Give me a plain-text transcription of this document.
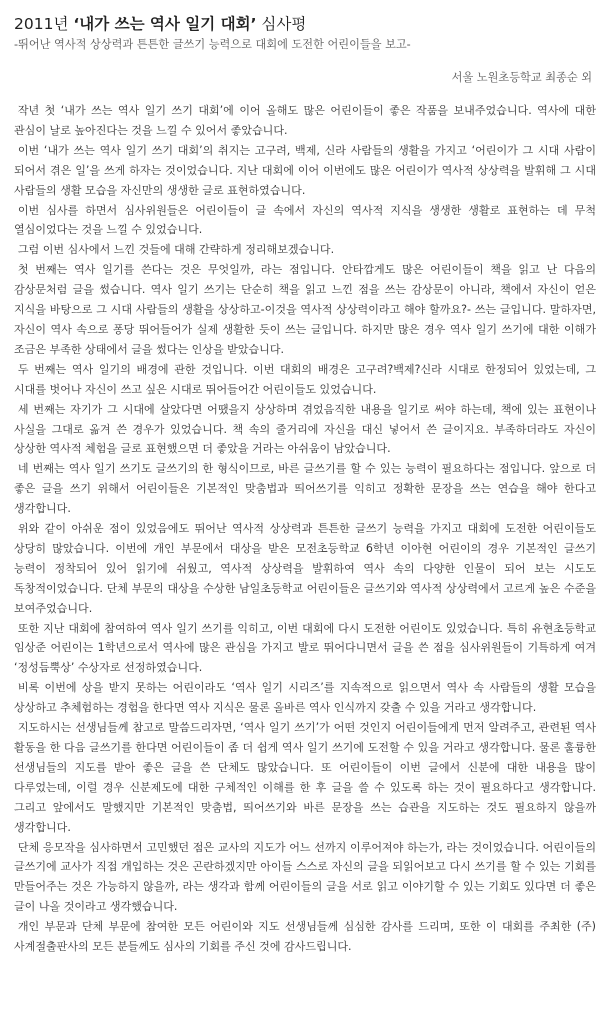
2011년 ‘내가 쓰는 역사 일기 대회’ 심사평
-뛰어난 역사적 상상력과 튼튼한 글쓰기 능력으로 대회에 도전한 어린이들을 보고-
서울 노원초등학교 최종순 외

작년 첫 ‘내가 쓰는 역사 일기 쓰기 대회’에 이어 올해도 많은 어린이들이 좋은 작품을 보내주었습니다. 역사에 대한 관심이 날로 높아진다는 것을 느낄 수 있어서 좋았습니다.

이번 ‘내가 쓰는 역사 일기 쓰기 대회’의 취지는 고구려, 백제, 신라 사람들의 생활을 가지고 ‘어린이가 그 시대 사람이 되어서 겪은 일’을 쓰게 하자는 것이었습니다. 지난 대회에 이어 이번에도 많은 어린이가 역사적 상상력을 발휘해 그 시대 사람들의 생활 모습을 자신만의 생생한 글로 표현하였습니다.

이번 심사를 하면서 심사위원들은 어린이들이 글 속에서 자신의 역사적 지식을 생생한 생활로 표현하는 데 무척 열심이었다는 것을 느낄 수 있었습니다.

그럼 이번 심사에서 느낀 것들에 대해 간략하게 정리해보겠습니다.

첫 번째는 역사 일기를 쓴다는 것은 무엇일까, 라는 점입니다. 안타깝게도 많은 어린이들이 책을 읽고 난 다음의 감상문처럼 글을 썼습니다. 역사 일기 쓰기는 단순히 책을 읽고 느낀 점을 쓰는 감상문이 아니라, 책에서 자신이 얻은 지식을 바탕으로 그 시대 사람들의 생활을 상상하고-이것을 역사적 상상력이라고 해야 할까요?- 쓰는 글입니다. 말하자면, 자신이 역사 속으로 퐁당 뛰어들어가 실제 생활한 듯이 쓰는 글입니다. 하지만 많은 경우 역사 일기 쓰기에 대한 이해가 조금은 부족한 상태에서 글을 썼다는 인상을 받았습니다.

두 번째는 역사 일기의 배경에 관한 것입니다. 이번 대회의 배경은 고구려?백제?신라 시대로 한정되어 있었는데, 그 시대를 벗어나 자신이 쓰고 싶은 시대로 뛰어들어간 어린이들도 있었습니다.

세 번째는 자기가 그 시대에 살았다면 어땠을지 상상하며 겪었음직한 내용을 일기로 써야 하는데, 책에 있는 표현이나 사실을 그대로 옮겨 쓴 경우가 있었습니다. 책 속의 줄거리에 자신을 대신 넣어서 쓴 글이지요. 부족하더라도 자신이 상상한 역사적 체험을 글로 표현했으면 더 좋았을 거라는 아쉬움이 남았습니다.

네 번째는 역사 일기 쓰기도 글쓰기의 한 형식이므로, 바른 글쓰기를 할 수 있는 능력이 필요하다는 점입니다. 앞으로 더 좋은 글을 쓰기 위해서 어린이들은 기본적인 맞춤법과 띄어쓰기를 익히고 정확한 문장을 쓰는 연습을 해야 한다고 생각합니다.

위와 같이 아쉬운 점이 있었음에도 뛰어난 역사적 상상력과 튼튼한 글쓰기 능력을 가지고 대회에 도전한 어린이들도 상당히 많았습니다. 이번에 개인 부문에서 대상을 받은 모전초등학교 6학년 이아현 어린이의 경우 기본적인 글쓰기 능력이 정착되어 있어 읽기에 쉬웠고, 역사적 상상력을 발휘하여 역사 속의 다양한 인물이 되어 보는 시도도 독창적이었습니다. 단체 부문의 대상을 수상한 남일초등학교 어린이들은 글쓰기와 역사적 상상력에서 고르게 높은 수준을 보여주었습니다.

또한 지난 대회에 참여하여 역사 일기 쓰기를 익히고, 이번 대회에 다시 도전한 어린이도 있었습니다. 특히 유현초등학교 임상준 어린이는 1학년으로서 역사에 많은 관심을 가지고 발로 뛰어다니면서 글을 쓴 점을 심사위원들이 기특하게 여겨 ‘정성듬뿍상’ 수상자로 선정하였습니다.

비록 이번에 상을 받지 못하는 어린이라도 ‘역사 일기 시리즈’를 지속적으로 읽으면서 역사 속 사람들의 생활 모습을 상상하고 추체험하는 경험을 한다면 역사 지식은 물론 올바른 역사 인식까지 갖출 수 있을 거라고 생각합니다.

지도하시는 선생님들께 참고로 말씀드리자면, ‘역사 일기 쓰기’가 어떤 것인지 어린이들에게 먼저 알려주고, 관련된 역사 활동을 한 다음 글쓰기를 한다면 어린이들이 좀 더 쉽게 역사 일기 쓰기에 도전할 수 있을 거라고 생각합니다. 물론 훌륭한 선생님들의 지도를 받아 좋은 글을 쓴 단체도 많았습니다. 또 어린이들이 이번 글에서 신분에 대한 내용을 많이 다루었는데, 이럴 경우 신분제도에 대한 구체적인 이해를 한 후 글을 쓸 수 있도록 하는 것이 필요하다고 생각합니다. 그리고 앞에서도 말했지만 기본적인 맞춤법, 띄어쓰기와 바른 문장을 쓰는 습관을 지도하는 것도 필요하지 않을까 생각합니다.

단체 응모작을 심사하면서 고민했던 점은 교사의 지도가 어느 선까지 이루어져야 하는가, 라는 것이었습니다. 어린이들의 글쓰기에 교사가 직접 개입하는 것은 곤란하겠지만 아이들 스스로 자신의 글을 되읽어보고 다시 쓰기를 할 수 있는 기회를 만들어주는 것은 가능하지 않을까, 라는 생각과 함께 어린이들의 글을 서로 읽고 이야기할 수 있는 기회도 있다면 더 좋은 글이 나올 것이라고 생각했습니다.

개인 부문과 단체 부문에 참여한 모든 어린이와 지도 선생님들께 심심한 감사를 드리며, 또한 이 대회를 주최한 (주)사계절출판사의 모든 분들께도 심사의 기회를 주신 것에 감사드립니다.
